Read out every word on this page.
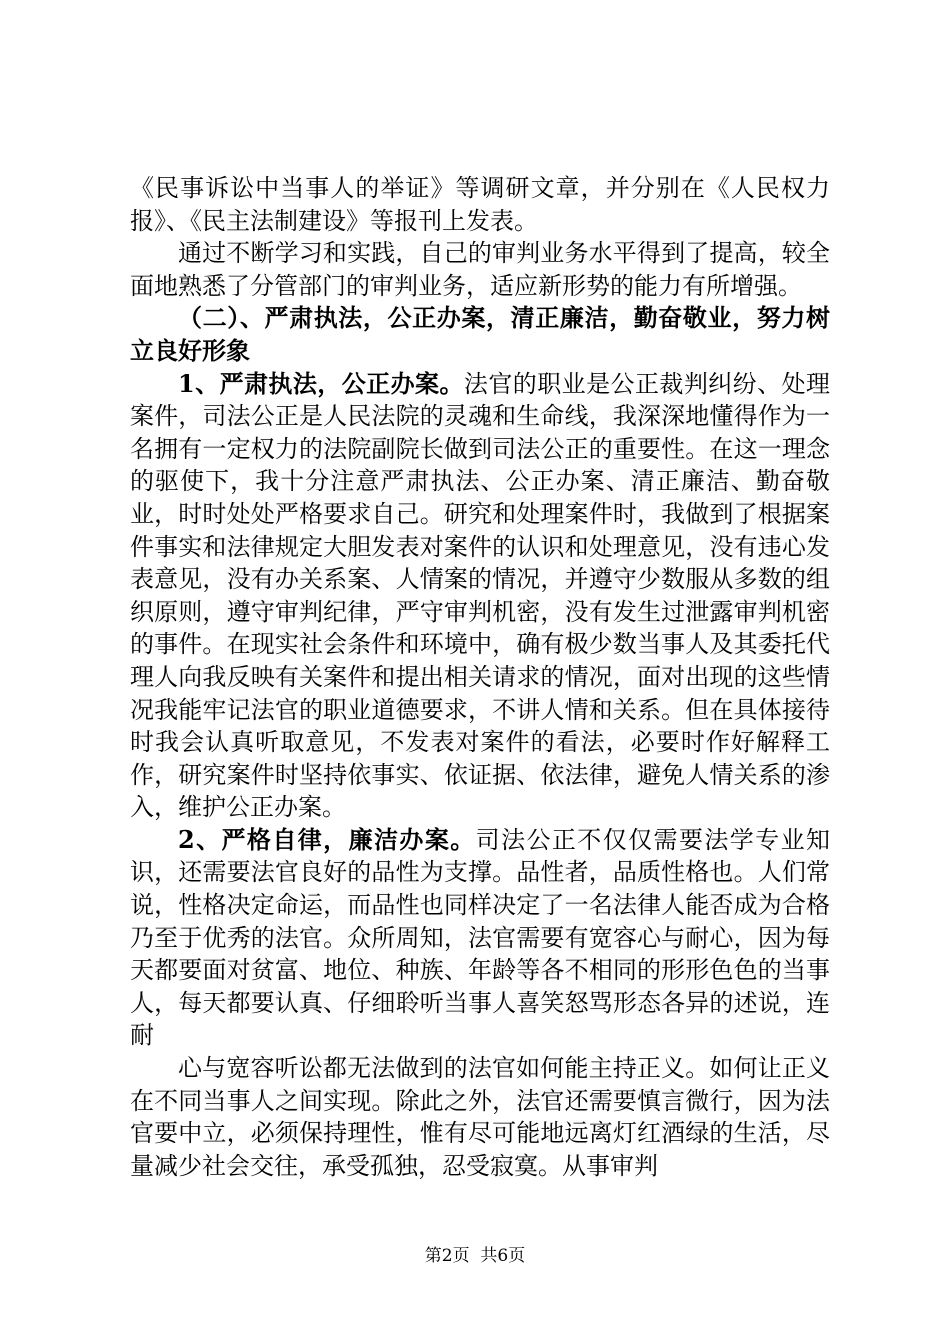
《民事诉讼中当事人的举证》等调研文章，并分别在《人民权力报》、《民主法制建设》等报刊上发表。

通过不断学习和实践，自己的审判业务水平得到了提高，较全面地熟悉了分管部门的审判业务，适应新形势的能力有所增强。

（二）、严肃执法，公正办案，清正廉洁，勤奋敬业，努力树立良好形象

1、严肃执法，公正办案。法官的职业是公正裁判纠纷、处理案件，司法公正是人民法院的灵魂和生命线，我深深地懂得作为一名拥有一定权力的法院副院长做到司法公正的重要性。在这一理念的驱使下，我十分注意严肃执法、公正办案、清正廉洁、勤奋敬业，时时处处严格要求自己。研究和处理案件时，我做到了根据案件事实和法律规定大胆发表对案件的认识和处理意见，没有违心发表意见，没有办关系案、人情案的情况，并遵守少数服从多数的组织原则，遵守审判纪律，严守审判机密，没有发生过泄露审判机密的事件。在现实社会条件和环境中，确有极少数当事人及其委托代理人向我反映有关案件和提出相关请求的情况，面对出现的这些情况我能牢记法官的职业道德要求，不讲人情和关系。但在具体接待时我会认真听取意见，不发表对案件的看法，必要时作好解释工作，研究案件时坚持依事实、依证据、依法律，避免人情关系的渗入，维护公正办案。

2、严格自律，廉洁办案。司法公正不仅仅需要法学专业知识，还需要法官良好的品性为支撑。品性者，品质性格也。人们常说，性格决定命运，而品性也同样决定了一名法律人能否成为合格乃至于优秀的法官。众所周知，法官需要有宽容心与耐心，因为每天都要面对贫富、地位、种族、年龄等各不相同的形形色色的当事人，每天都要认真、仔细聆听当事人喜笑怒骂形态各异的述说，连耐

心与宽容听讼都无法做到的法官如何能主持正义。如何让正义在不同当事人之间实现。除此之外，法官还需要慎言微行，因为法官要中立，必须保持理性，惟有尽可能地远离灯红酒绿的生活，尽量减少社会交往，承受孤独，忍受寂寞。从事审判

第2页  共6页
